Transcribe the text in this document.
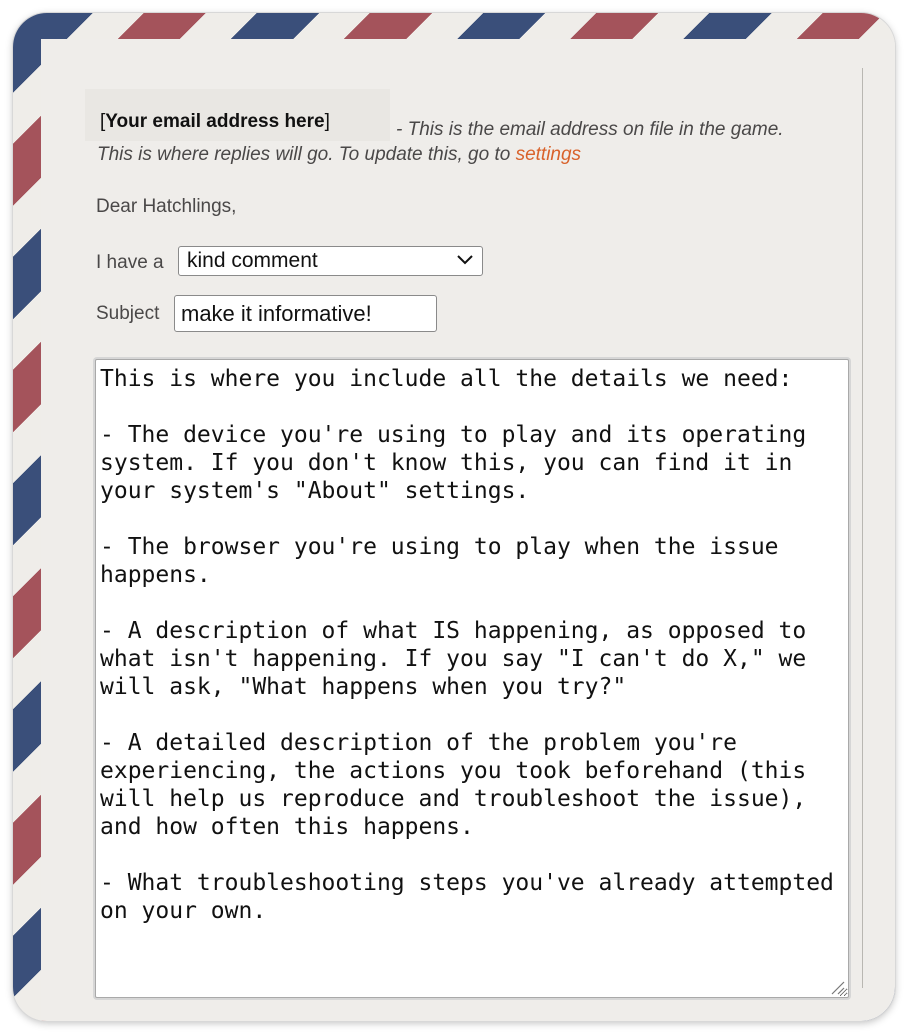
[Your email address here]	- This is the email address on file in the game.
This is where replies will go. To update this, go to settings
Dear Hatchlings,
I have a kind comment
Subject
make it informative!
This is where you include all the details we need: - The device you're using to play and its operating system. If you don't know this, you can find it in your system's "About" settings. - The browser you're using to play when the issue happens. - A description of what IS happening, as opposed to what isn't happening. If you say "I can't do X," we will ask, "What happens when you try?" - A detailed description of the problem you're experiencing, the actions you took beforehand (this will help us reproduce and troubleshoot the issue), and how often this happens. - What troubleshooting steps you've already attempted on your own.
